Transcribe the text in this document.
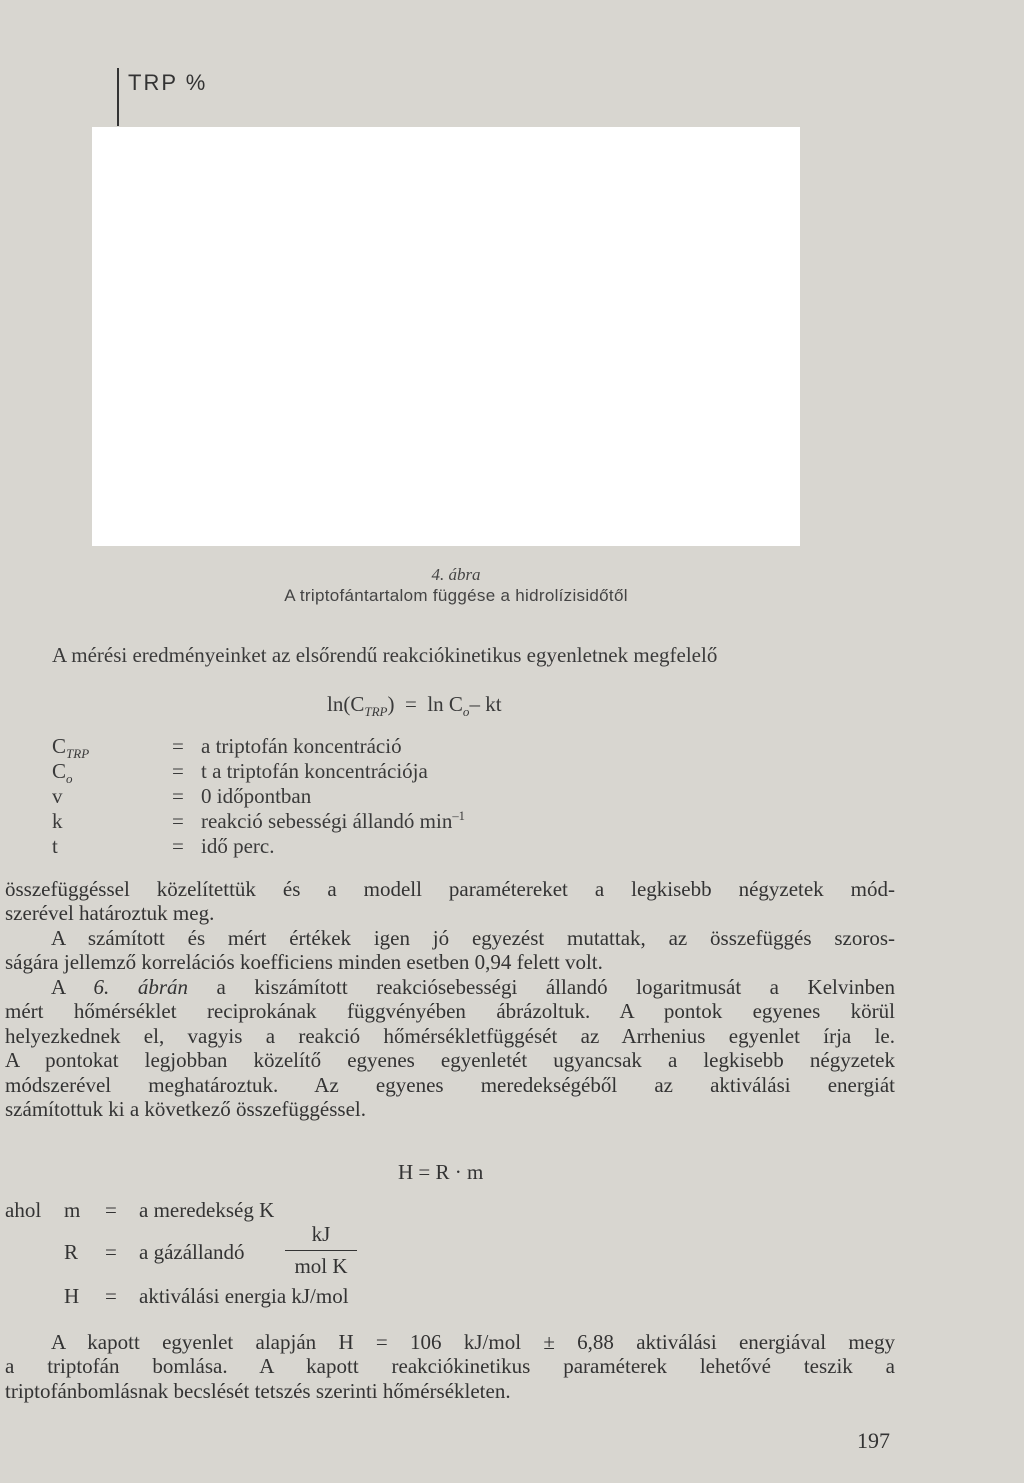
TRP %
4. ábra
A triptofántartalom függése a hidrolízisidőtől
A mérési eredményeinket az elsőrendű reakciókinetikus egyenletnek megfelelő
$\ln(C_{TRP}) = \ln C_o-$ kt
$C_{TRP}$	= a triptofán koncentráció
$C_o$	= t a triptofán koncentrációja
v	= 0 időpontban
k	= reakció sebességi állandó $\min^{-1}$
t	= idő perc.
összefüggéssel közelítettük és a modell paramétereket a legkisebb négyzetek mód-
szerével határoztuk meg.
A számított és mért értékek igen jó egyezést mutattak, az összefüggés szoros-
ságára jellemző korrelációs koefficiens minden esetben 0,94 felett volt.
A 6. ábrán a kiszámított reakciósebességi állandó logaritmusát a Kelvinben
mért hőmérséklet reciprokának függvényében ábrázoltuk. A pontok egyenes körül
helyezkednek el, vagyis a reakció hőmérsékletfüggését az Arrhenius egyenlet írja le.
A pontokat legjobban közelítő egyenes egyenletét ugyancsak a legkisebb négyzetek
módszerével meghatároztuk. Az egyenes meredekségéből az aktiválási energiát
számítottuk ki a következő összefüggéssel.
H = R · m
ahol m = a meredekség K
R = a gázállandó
kJ
mol K
H = aktiválási energia kJ/mol
A kapott egyenlet alapján H = 106 kJ/mol ± 6,88 aktiválási energiával megy
a triptofán bomlása. A kapott reakciókinetikus paraméterek lehetővé teszik a
triptofánbomlásnak becslését tetszés szerinti hőmérsékleten.
197
